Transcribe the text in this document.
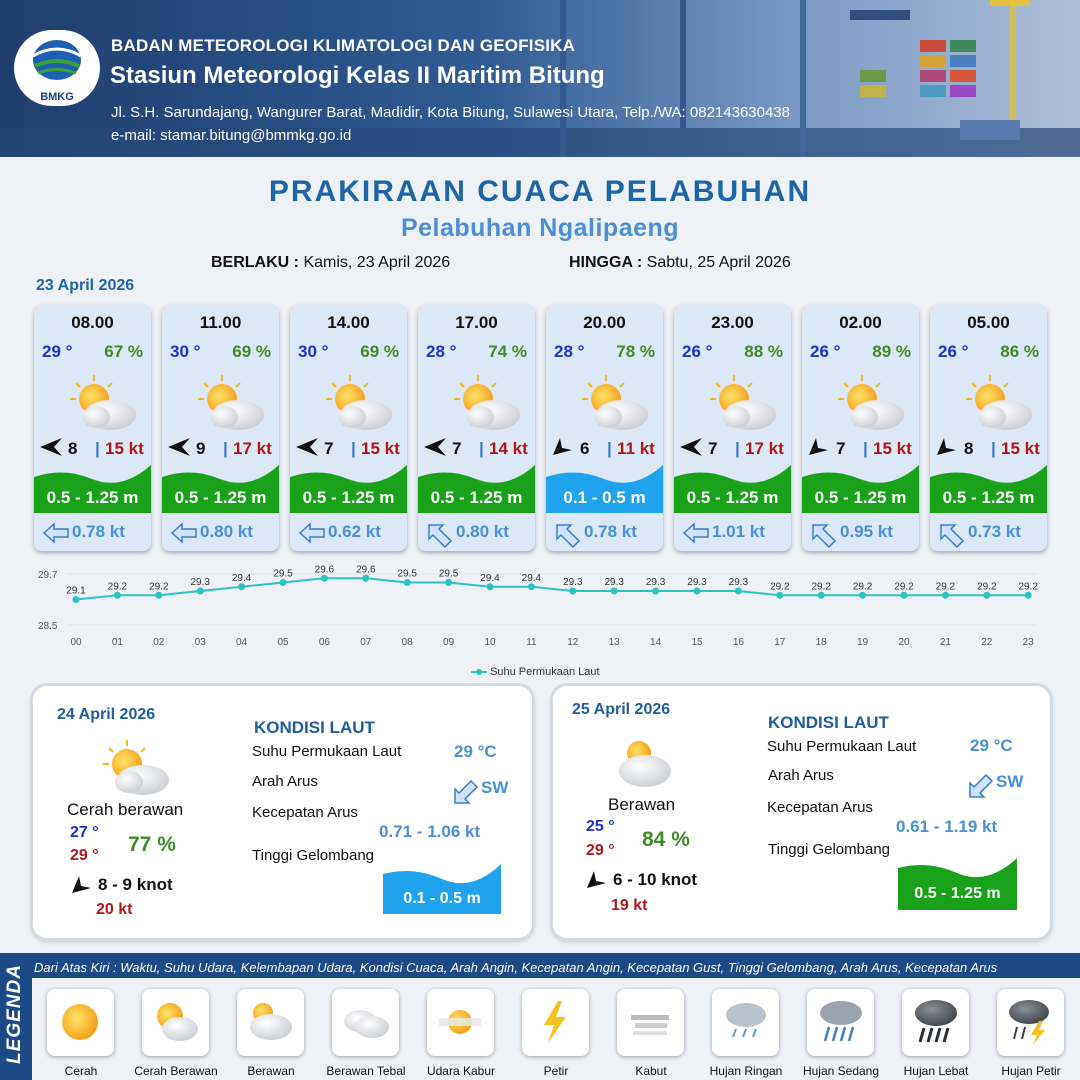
BMKG
BADAN METEOROLOGI KLIMATOLOGI DAN GEOFISIKA
Stasiun Meteorologi Kelas II Maritim Bitung
Jl. S.H. Sarundajang, Wangurer Barat, Madidir, Kota Bitung, Sulawesi Utara, Telp./WA: 082143630438
e-mail: stamar.bitung@bmmkg.go.id
PRAKIRAAN CUACA PELABUHAN
Pelabuhan Ngalipaeng
BERLAKU : Kamis, 23 April 2026	HINGGA : Sabtu, 25 April 2026
23 April 2026
08.00
29 ° 67 %
8 | 15 kt
0.5 - 1.25 m
0.78 kt
11.00
30 ° 69 %
9 | 17 kt
0.5 - 1.25 m
0.80 kt
14.00
30 ° 69 %
7 | 15 kt
0.5 - 1.25 m
0.62 kt
17.00
28 ° 74 %
7 | 14 kt
0.5 - 1.25 m
0.80 kt
20.00
28 ° 78 %
6 | 11 kt
0.1 - 0.5 m
0.78 kt
23.00
26 ° 88 %
7 | 17 kt
0.5 - 1.25 m
1.01 kt
02.00
26 ° 89 %
7 | 15 kt
0.5 - 1.25 m
0.95 kt
05.00
26 ° 86 %
8 | 15 kt
0.5 - 1.25 m
0.73 kt
29.7
28.5
29.1
00
29.2
01
29.2
02
29.3
03
29.4
04
29.5
05
29.6
06
29.6
07
29.5
08
29.5
09
29.4
10
29.4
11
29.3
12
29.3
13
29.3
14
29.3
15
29.3
16
29.2
17
29.2
18
29.2
19
29.2
20
29.2
21
29.2
22
29.2
23
Suhu Permukaan Laut
24 April 2026
Cerah berawan
27 °
29 ° 77 %
8 - 9 knot
20 kt
KONDISI LAUT
Suhu Permukaan Laut	29 °C
Arah Arus	SW
Kecepatan Arus
0.71 - 1.06 kt
Tinggi Gelombang
0.1 - 0.5 m
25 April 2026
Berawan
25 °
29 ° 84 %
6 - 10 knot
19 kt
KONDISI LAUT
Suhu Permukaan Laut	29 °C
Arah Arus	SW
Kecepatan Arus
0.61 - 1.19 kt
Tinggi Gelombang
0.5 - 1.25 m
LEGENDA Dari Atas Kiri : Waktu, Suhu Udara, Kelembapan Udara, Kondisi Cuaca, Arah Angin, Kecepatan Angin, Kecepatan Gust, Tinggi Gelombang, Arah Arus, Kecepatan Arus
Cerah	Cerah Berawan	Berawan	Berawan Tebal	Udara Kabur	Petir	Kabut	Hujan Ringan	Hujan Sedang	Hujan Lebat	Hujan Petir
